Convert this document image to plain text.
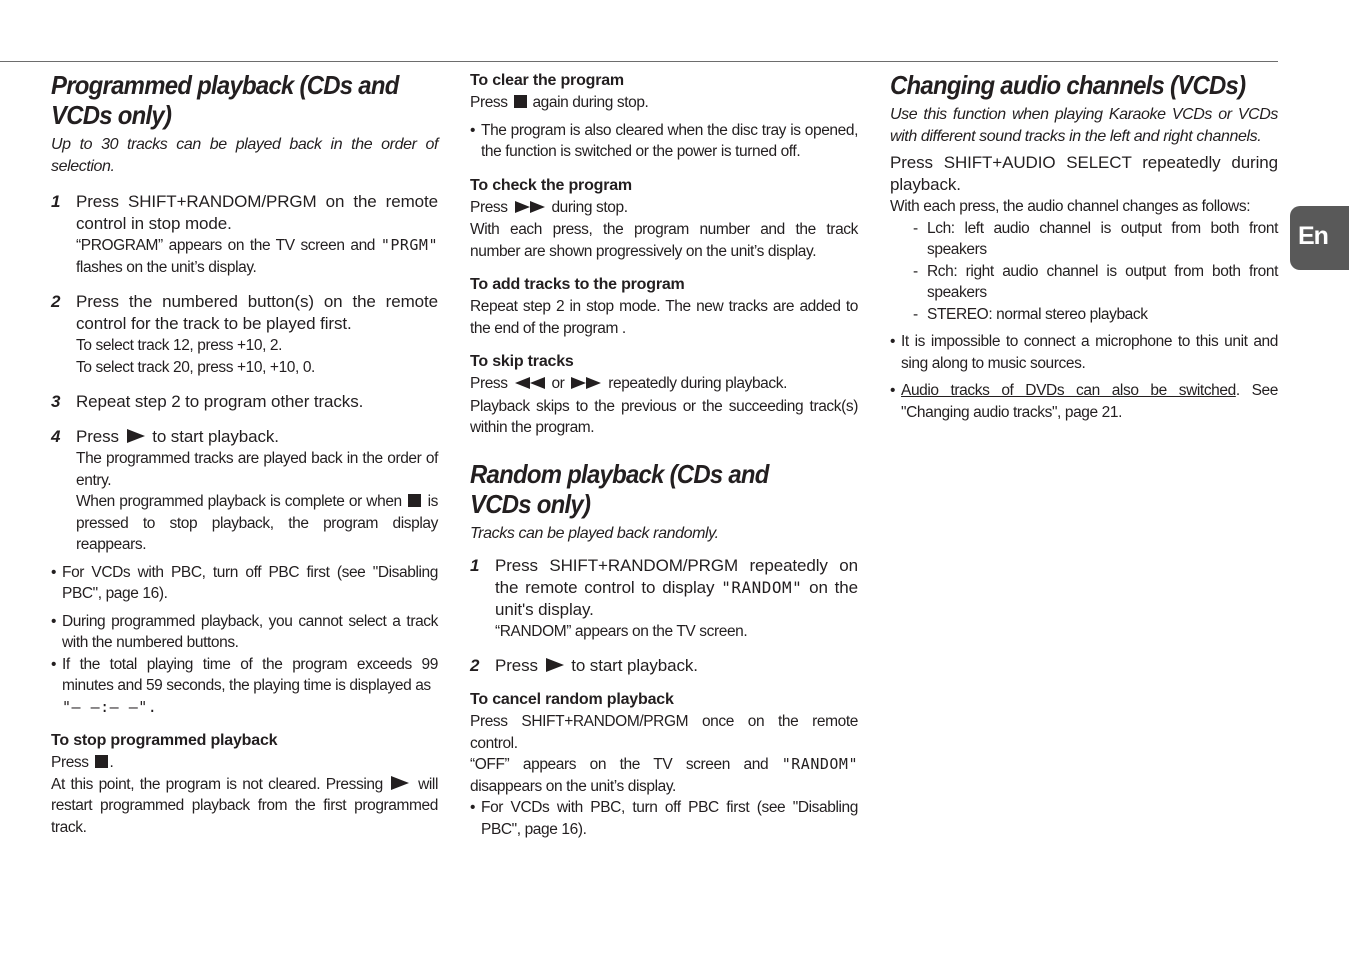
Programmed playback (CDs and VCDs only)
Up to 30 tracks can be played back in the order of selection.
1 Press SHIFT+RANDOM/PRGM on the remote control in stop mode.
“PROGRAM” appears on the TV screen and "PRGM" flashes on the unit’s display.
2 Press the numbered button(s) on the remote control for the track to be played first.
To select track 12, press +10, 2.
To select track 20, press +10, +10, 0.
3 Repeat step 2 to program other tracks.
4 Press  to start playback.
The programmed tracks are played back in the order of entry.
When programmed playback is complete or when  is pressed to stop playback, the program display reappears.
• For VCDs with PBC, turn off PBC first (see "Disabling PBC", page 16).
• During programmed playback, you cannot select a track with the numbered buttons.
• If the total playing time of the program exceeds 99 minutes and 59 seconds, the playing time is displayed as
"— —:— —".
To stop programmed playback
Press .
At this point, the program is not cleared. Pressing  will restart programmed playback from the first programmed track.
To clear the program
Press  again during stop.
• The program is also cleared when the disc tray is opened, the function is switched or the power is turned off.
To check the program
Press  during stop.
With each press, the program number and the track number are shown progressively on the unit’s display.
To add tracks to the program
Repeat step 2 in stop mode. The new tracks are added to the end of the program .
To skip tracks
Press  or  repeatedly during playback.
Playback skips to the previous or the succeeding track(s) within the program.
Random playback (CDs and VCDs only)
Tracks can be played back randomly.
1 Press SHIFT+RANDOM/PRGM repeatedly on the remote control to display "RANDOM" on the unit's display.
“RANDOM” appears on the TV screen.
2 Press  to start playback.
To cancel random playback
Press SHIFT+RANDOM/PRGM once on the remote control.
“OFF” appears on the TV screen and "RANDOM" disappears on the unit’s display.
• For VCDs with PBC, turn off PBC first (see "Disabling PBC", page 16).
Changing audio channels (VCDs)
Use this function when playing Karaoke VCDs or VCDs with different sound tracks in the left and right channels.
Press SHIFT+AUDIO SELECT repeatedly during playback.
With each press, the audio channel changes as follows:
- Lch: left audio channel is output from both front speakers
- Rch: right audio channel is output from both front speakers
- STEREO: normal stereo playback
• It is impossible to connect a microphone to this unit and sing along to music sources.
• Audio tracks of DVDs can also be switched. See "Changing audio tracks", page 21.
En
